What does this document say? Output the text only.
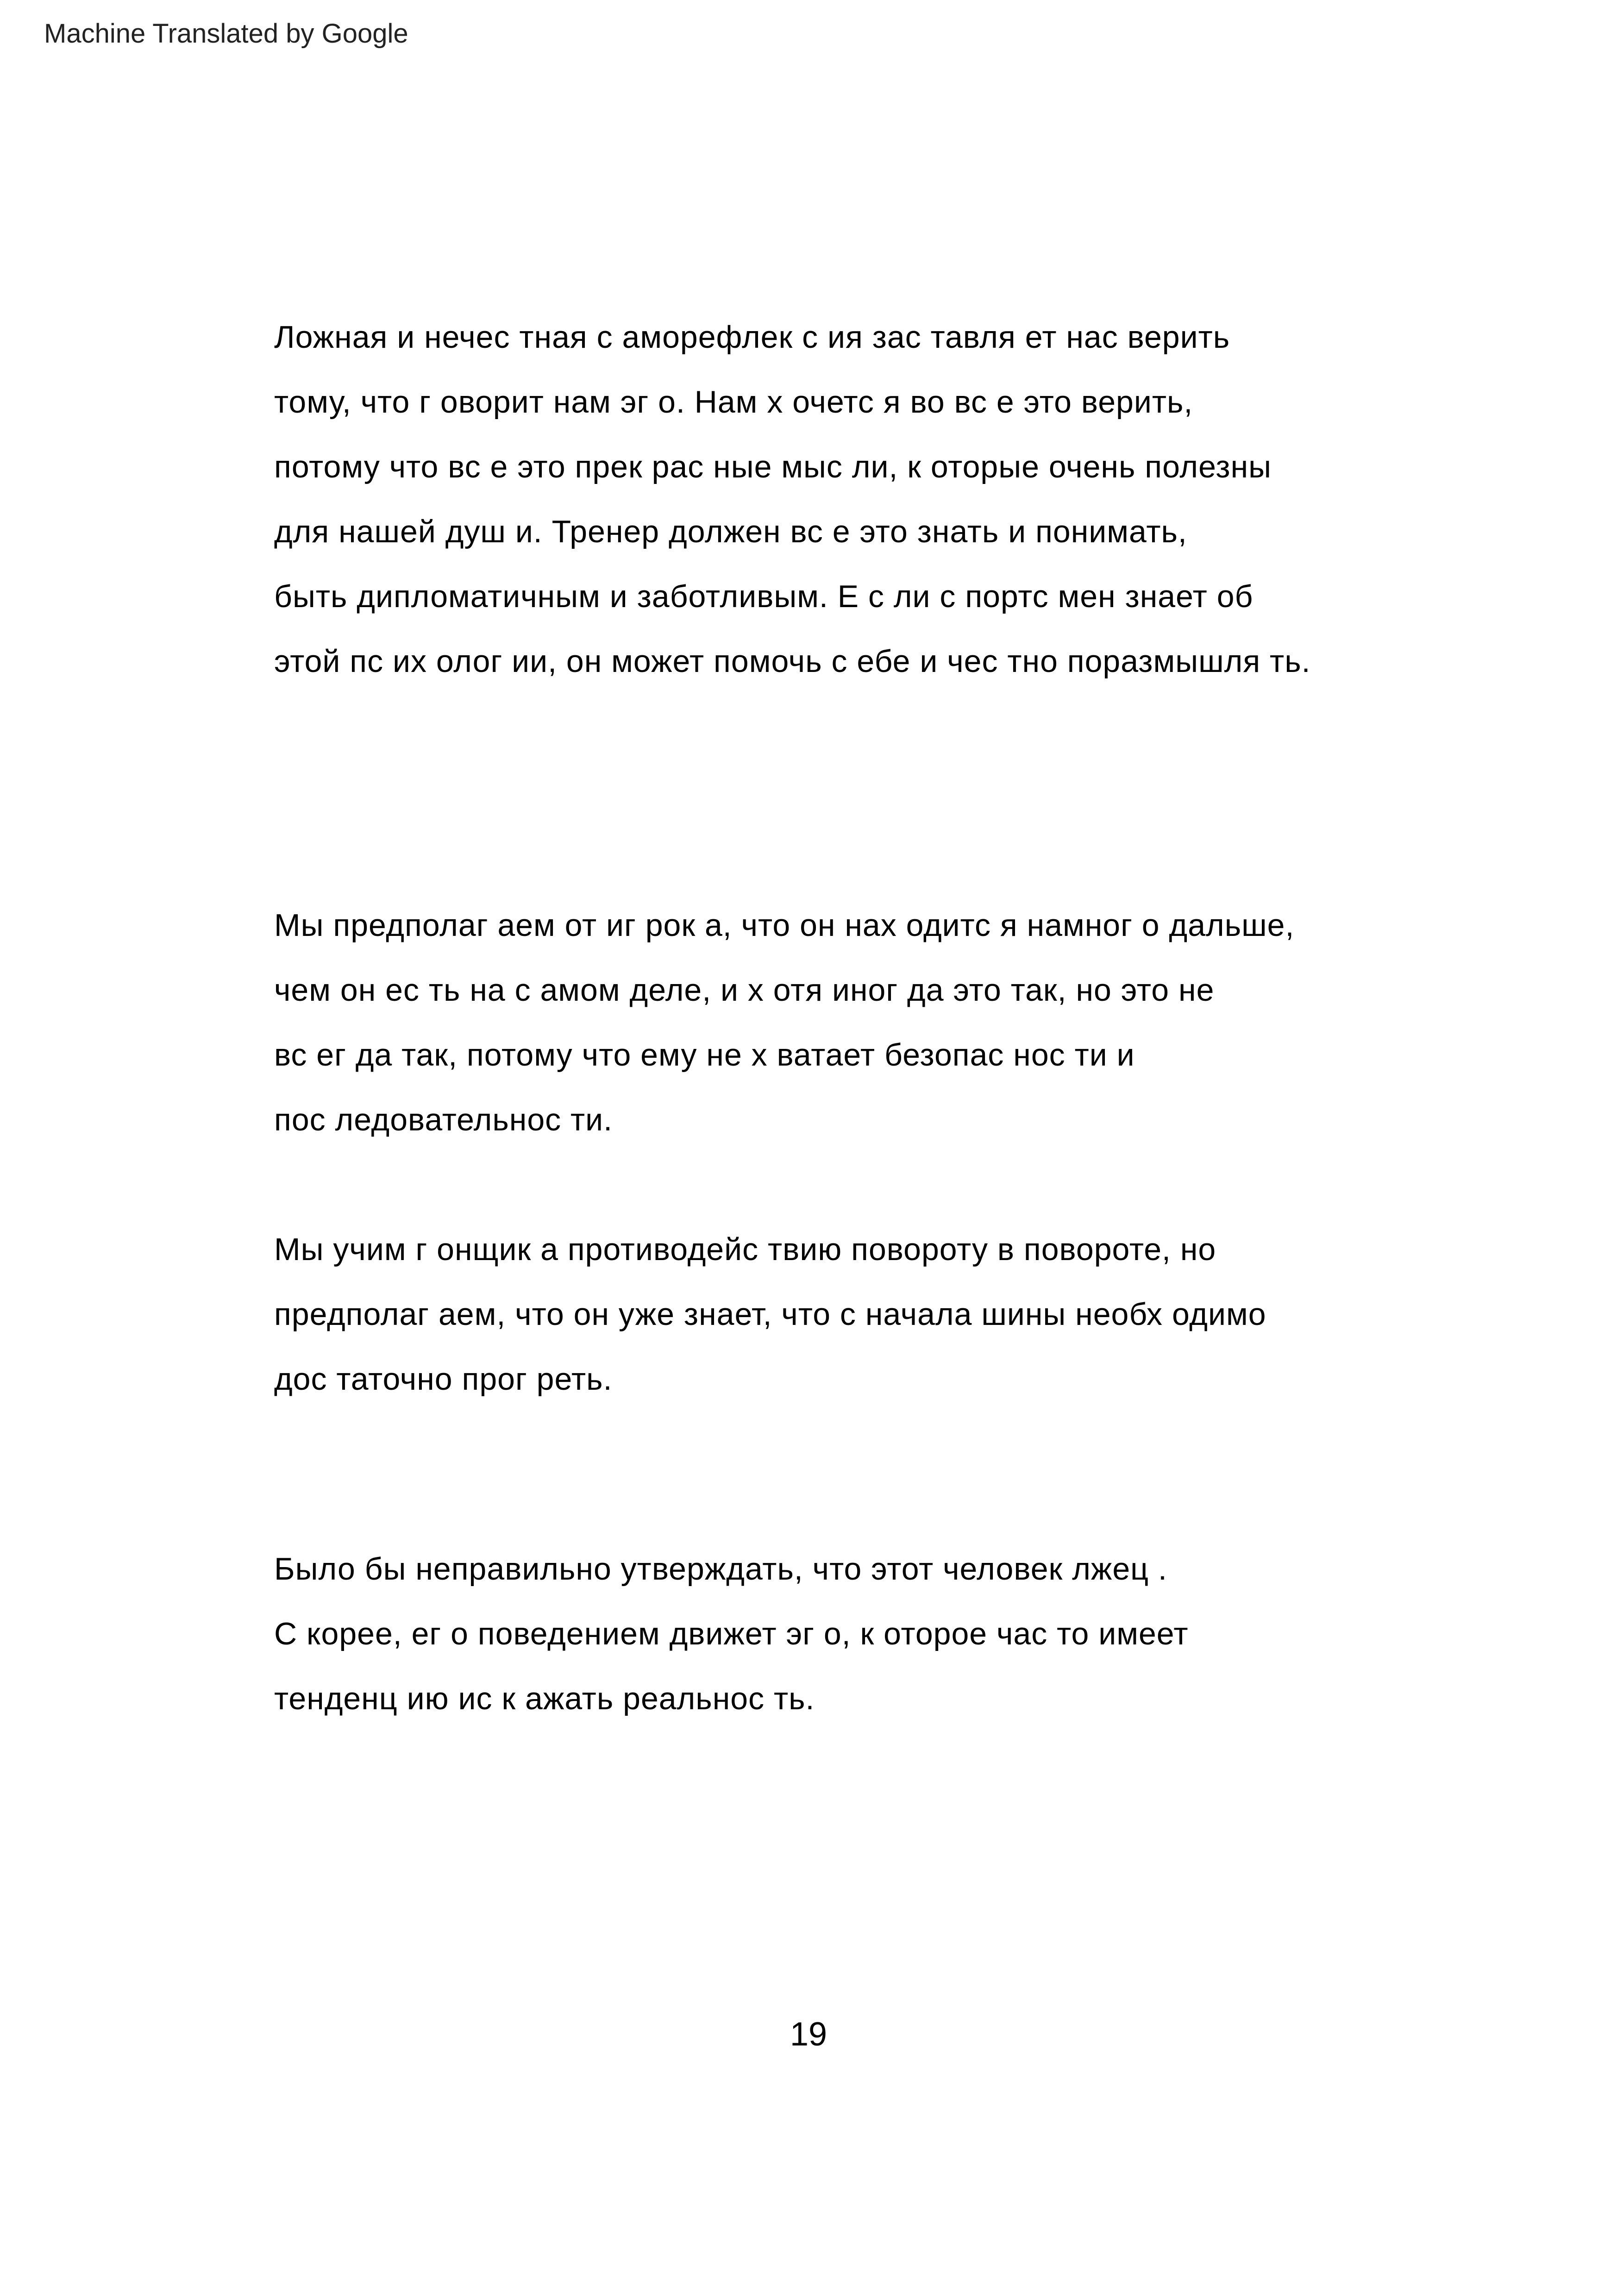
Machine Translated by Google
Ложная и нечес тная с аморефлек с ия зас тавля ет нас верить
тому, что г оворит нам эг о. Нам х очетс я во вс е это верить,
потому что вс е это прек рас ные мыс ли, к оторые очень полезны
для нашей душ и. Тренер должен вс е это знать и понимать,
быть дипломатичным и заботливым. Е с ли с портс мен знает об
этой пс их олог ии, он может помочь с ебе и чес тно поразмышля ть.
Мы предполаг аем от иг рок а, что он нах одитс я намног о дальше,
чем он ес ть на с амом деле, и х отя иног да это так, но это не
вс ег да так, потому что ему не х ватает безопас нос ти и
пос ледовательнос ти.
Мы учим г онщик а противодейс твию повороту в повороте, но
предполаг аем, что он уже знает, что с начала шины необх одимо
дос таточно прог реть.
Было бы неправильно утверждать, что этот человек лжец .
С корее, ег о поведением движет эг о, к оторое час то имеет
тенденц ию ис к ажать реальнос ть.
19
